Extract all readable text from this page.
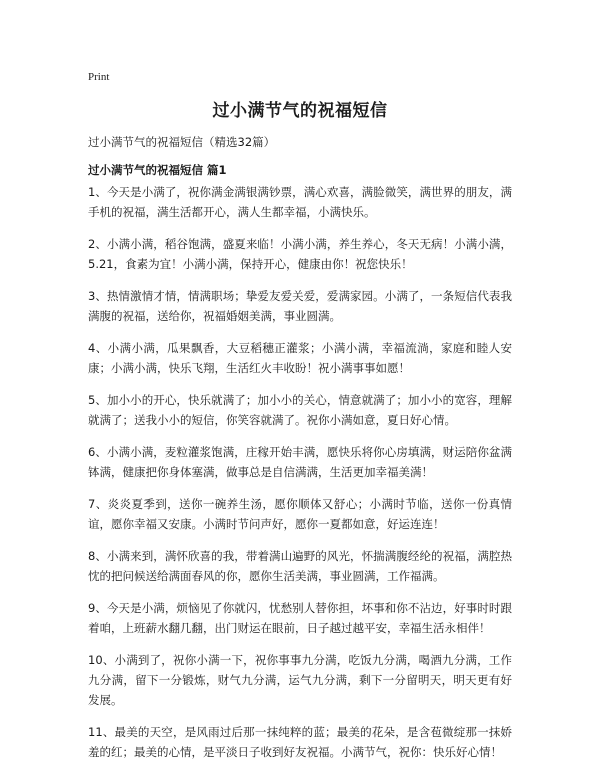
Print
过小满节气的祝福短信

过小满节气的祝福短信（精选32篇）

过小满节气的祝福短信 篇1

1、今天是小满了，祝你满金满银满钞票，满心欢喜，满脸微笑，满世界的朋友，满手机的祝福，满生活都开心，满人生都幸福，小满快乐。

2、小满小满，稻谷饱满，盛夏来临！小满小满，养生养心，冬天无病！小满小满，5.21，食素为宜！小满小满，保持开心，健康由你！祝您快乐！

3、热情激情才情，情满职场；挚爱友爱关爱，爱满家园。小满了，一条短信代表我满腹的祝福，送给你，祝福婚姻美满，事业圆满。

4、小满小满，瓜果飘香，大豆稻穗正灌浆；小满小满，幸福流淌，家庭和睦人安康；小满小满，快乐飞翔，生活红火丰收盼！祝小满事事如愿！

5、加小小的开心，快乐就满了；加小小的关心，情意就满了；加小小的宽容，理解就满了；送我小小的短信，你笑容就满了。祝你小满如意，夏日好心情。

6、小满小满，麦粒灌浆饱满，庄稼开始丰满，愿快乐将你心房填满，财运陪你盆满钵满，健康把你身体塞满，做事总是自信满满，生活更加幸福美满！

7、炎炎夏季到，送你一碗养生汤，愿你顺体又舒心；小满时节临，送你一份真情谊，愿你幸福又安康。小满时节问声好，愿你一夏都如意，好运连连！

8、小满来到，满怀欣喜的我，带着满山遍野的风光，怀揣满腹经纶的祝福，满腔热忱的把问候送给满面春风的你，愿你生活美满，事业圆满，工作福满。

9、今天是小满，烦恼见了你就闪，忧愁别人替你担，坏事和你不沾边，好事时时跟着咱，上班薪水翻几翻，出门财运在眼前，日子越过越平安，幸福生活永相伴！

10、小满到了，祝你小满一下，祝你事事九分满，吃饭九分满，喝酒九分满，工作九分满，留下一分锻炼，财气九分满，运气九分满，剩下一分留明天，明天更有好发展。

11、最美的天空，是风雨过后那一抹纯粹的蓝；最美的花朵，是含苞微绽那一抹娇羞的红；最美的心情，是平淡日子收到好友祝福。小满节气，祝你：快乐好心情！
